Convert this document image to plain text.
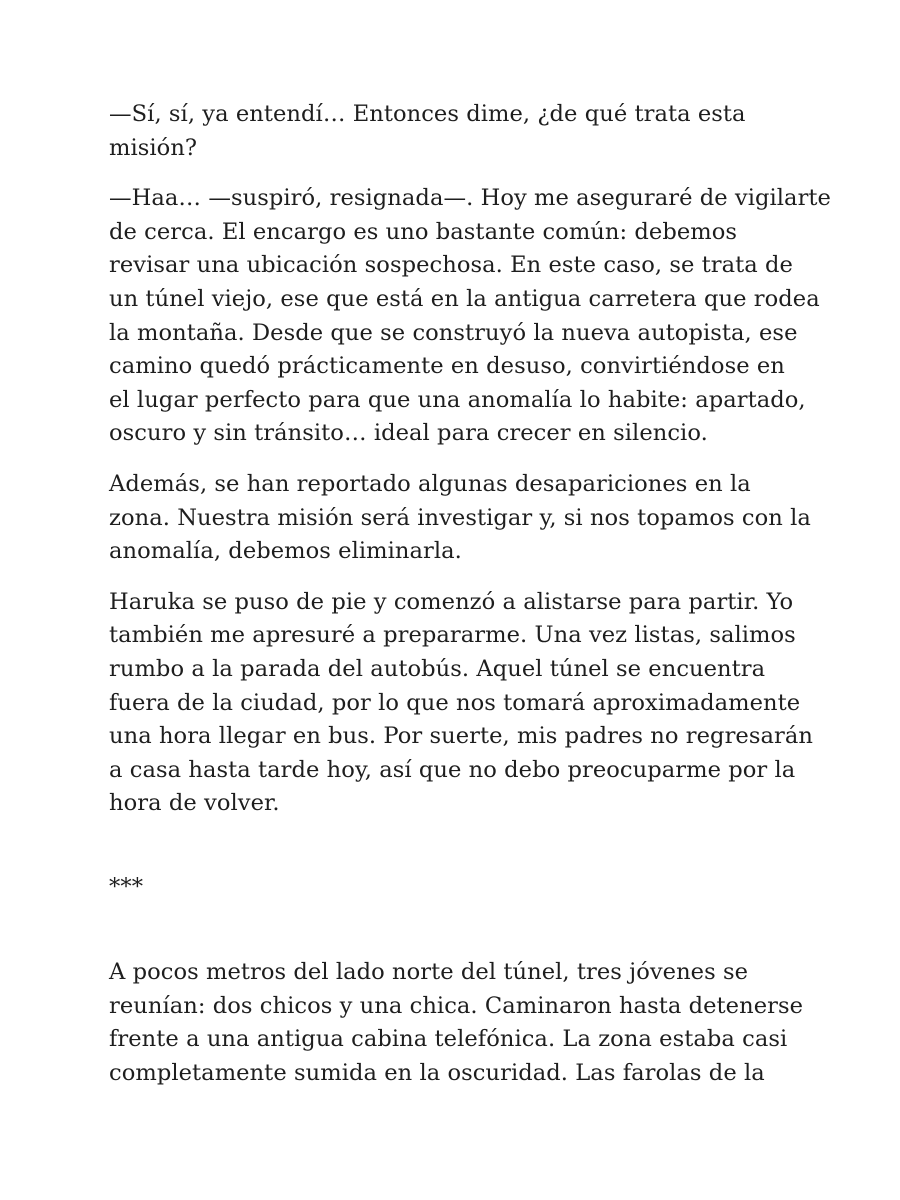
—Sí, sí, ya entendí… Entonces dime, ¿de qué trata esta
misión?

—Haa… —suspiró, resignada—. Hoy me aseguraré de vigilarte
de cerca. El encargo es uno bastante común: debemos
revisar una ubicación sospechosa. En este caso, se trata de
un túnel viejo, ese que está en la antigua carretera que rodea
la montaña. Desde que se construyó la nueva autopista, ese
camino quedó prácticamente en desuso, convirtiéndose en
el lugar perfecto para que una anomalía lo habite: apartado,
oscuro y sin tránsito… ideal para crecer en silencio.

Además, se han reportado algunas desapariciones en la
zona. Nuestra misión será investigar y, si nos topamos con la
anomalía, debemos eliminarla.

Haruka se puso de pie y comenzó a alistarse para partir. Yo
también me apresuré a prepararme. Una vez listas, salimos
rumbo a la parada del autobús. Aquel túnel se encuentra
fuera de la ciudad, por lo que nos tomará aproximadamente
una hora llegar en bus. Por suerte, mis padres no regresarán
a casa hasta tarde hoy, así que no debo preocuparme por la
hora de volver.

***

A pocos metros del lado norte del túnel, tres jóvenes se
reunían: dos chicos y una chica. Caminaron hasta detenerse
frente a una antigua cabina telefónica. La zona estaba casi
completamente sumida en la oscuridad. Las farolas de la
